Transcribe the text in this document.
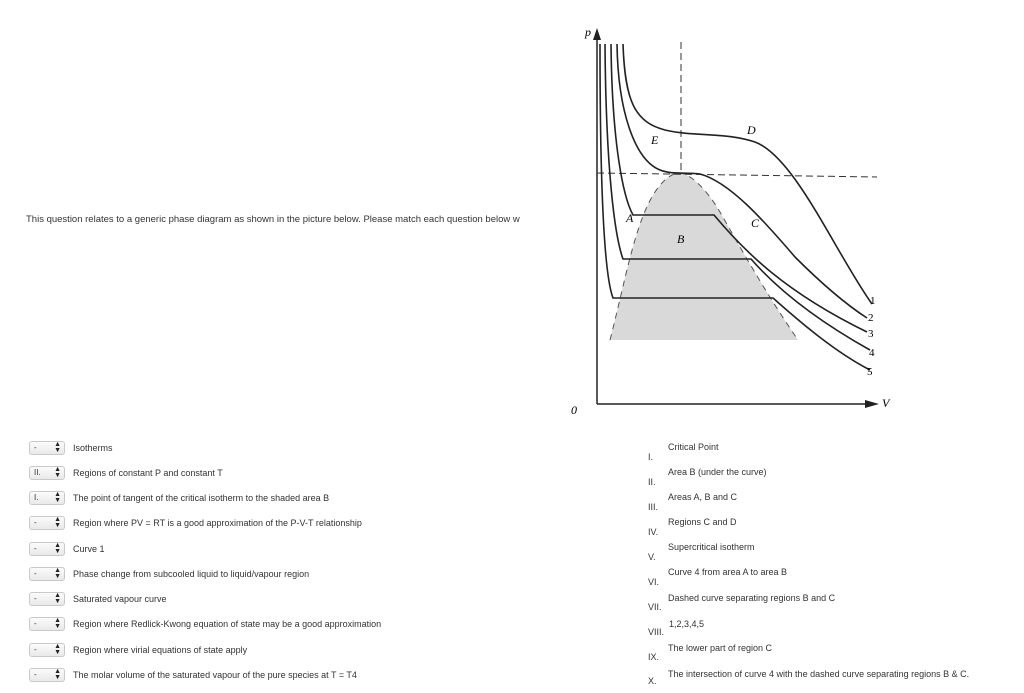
This question relates to a generic phase diagram as shown in the picture below. Please match each question below w
p
V
0
E
D
A
B
C
1
2
3
4
5
- ▲
▼ Isotherms
II. ▲
▼ Regions of constant P and constant T
I. ▲
▼ The point of tangent of the critical isotherm to the shaded area B
- ▲
▼ Region where PV = RT is a good approximation of the P-V-T relationship
- ▲
▼ Curve 1
- ▲
▼ Phase change from subcooled liquid to liquid/vapour region
- ▲
▼ Saturated vapour curve
- ▲
▼ Region where Redlick-Kwong equation of state may be a good approximation
- ▲
▼ Region where virial equations of state apply
- ▲
▼ The molar volume of the saturated vapour of the pure species at T = T4
I.
Critical Point
II.
Area B (under the curve)
III.
Areas A, B and C
IV.
Regions C and D
V.
Supercritical isotherm
VI.
Curve 4 from area A to area B
VII.
Dashed curve separating regions B and C
VIII.
1,2,3,4,5
IX.
The lower part of region C
X.
The intersection of curve 4 with the dashed curve separating regions B & C.
